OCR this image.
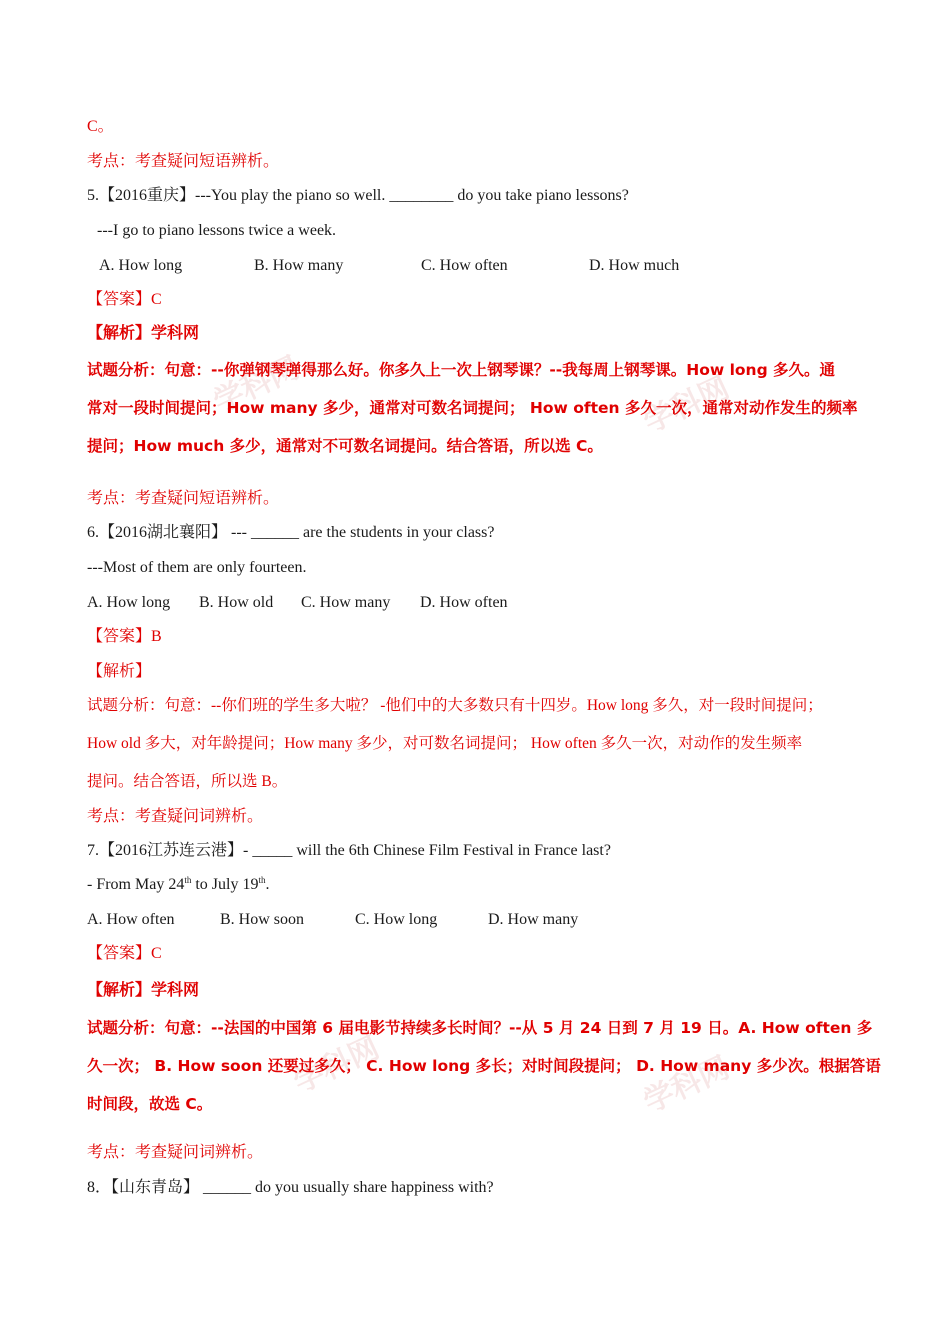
学科网	学科网
学科网	学科网
C。
考点：考查疑问短语辨析。
5.【2016重庆】---You play the piano so well. ________ do you take piano lessons?
---I go to piano lessons twice a week.
A. How long	B. How many	C. How often	D. How much
【答案】C
【解析】学科网
试题分析：句意：--你弹钢琴弹得那么好。你多久上一次上钢琴课？--我每周上钢琴课。How long 多久。通
常对一段时间提问；How many 多少，通常对可数名词提问； How often 多久一次，通常对动作发生的频率
提问；How much 多少，通常对不可数名词提问。结合答语，所以选 C。
考点：考查疑问短语辨析。
6.【2016湖北襄阳】 --- ______ are the students in your class?
---Most of them are only fourteen.
A. How long B. How old C. How many D. How often
【答案】B
【解析】
试题分析：句意：--你们班的学生多大啦？ -他们中的大多数只有十四岁。How long 多久，对一段时间提问；
How old 多大，对年龄提问；How many 多少，对可数名词提问； How often 多久一次，对动作的发生频率
提问。结合答语，所以选 B。
考点：考查疑问词辨析。
7.【2016江苏连云港】- _____ will the 6th Chinese Film Festival in France last?
- From May 24th to July 19th.
A. How often	B. How soon	C. How long	D. How many
【答案】C
【解析】学科网
试题分析：句意：--法国的中国第 6 届电影节持续多长时间？--从 5 月 24 日到 7 月 19 日。A. How often 多
久一次； B. How soon 还要过多久； C. How long 多长；对时间段提问； D. How many 多少次。根据答语
时间段，故选 C。
考点：考查疑问词辨析。
8．【山东青岛】 ______ do you usually share happiness with?
